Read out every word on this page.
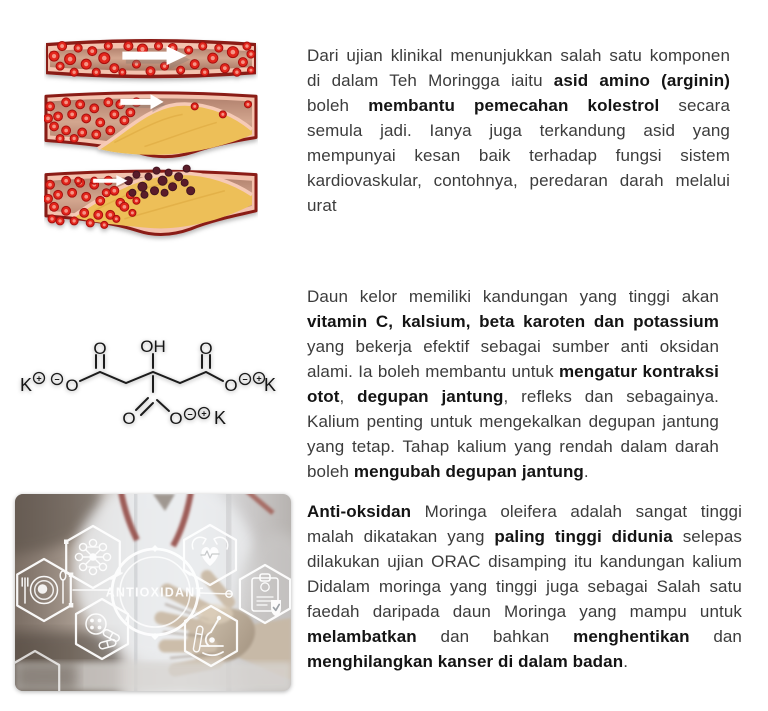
Dari ujian klinikal menunjukkan salah satu komponen di dalam Teh Moringga iaitu asid amino (arginin) boleh membantu pemecahan kolestrol secara semula jadi. Ianya juga terkandung asid yang mempunyai kesan baik terhadap fungsi sistem kardiovaskular, contohnya, peredaran darah melalui urat

K O
O OH O
O K
O O K
+ −	− +
− +

Daun kelor memiliki kandungan yang tinggi akan vitamin C, kalsium, beta karoten dan potassium yang bekerja efektif sebagai sumber anti oksidan alami. Ia boleh membantu untuk mengatur kontraksi otot, degupan jantung, refleks dan sebagainya. Kalium penting untuk mengekalkan degupan jantung yang tetap. Tahap kalium yang rendah dalam darah boleh mengubah degupan jantung.

ANTIOXIDANT

Anti-oksidan Moringa oleifera adalah sangat tinggi malah dikatakan yang paling tinggi didunia selepas dilakukan ujian ORAC disamping itu kandungan kalium Didalam moringa yang tinggi juga sebagai Salah satu faedah daripada daun Moringa yang mampu untuk melambatkan dan bahkan menghentikan dan menghilangkan kanser di dalam badan.
